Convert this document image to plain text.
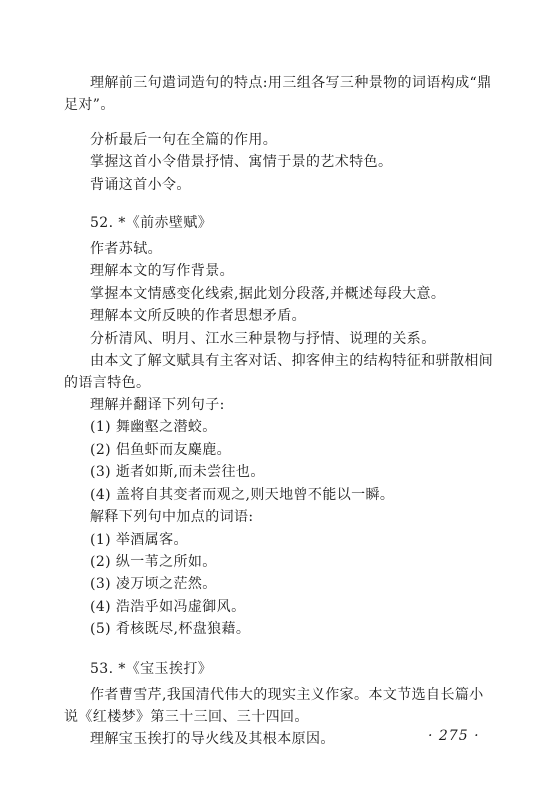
理解前三句遣词造句的特点:用三组各写三种景物的词语构成“鼎
足对”。
分析最后一句在全篇的作用。
掌握这首小令借景抒情、寓情于景的艺术特色。
背诵这首小令。
52. *《前赤壁赋》
作者苏轼。
理解本文的写作背景。
掌握本文情感变化线索,据此划分段落,并概述每段大意。
理解本文所反映的作者思想矛盾。
分析清风、明月、江水三种景物与抒情、说理的关系。
由本文了解文赋具有主客对话、抑客伸主的结构特征和骈散相间
的语言特色。
理解并翻译下列句子:
(1) 舞幽壑之潜蛟。
(2) 侣鱼虾而友麋鹿。
(3) 逝者如斯,而未尝往也。
(4) 盖将自其变者而观之,则天地曾不能以一瞬。
解释下列句中加点的词语:
(1) 举酒属客。
(2) 纵一苇之所如。
(3) 凌万顷之茫然。
(4) 浩浩乎如冯虚御风。
(5) 肴核既尽,杯盘狼藉。
53. *《宝玉挨打》
作者曹雪芹,我国清代伟大的现实主义作家。本文节选自长篇小
说《红楼梦》第三十三回、三十四回。
理解宝玉挨打的导火线及其根本原因。	· 275 ·
